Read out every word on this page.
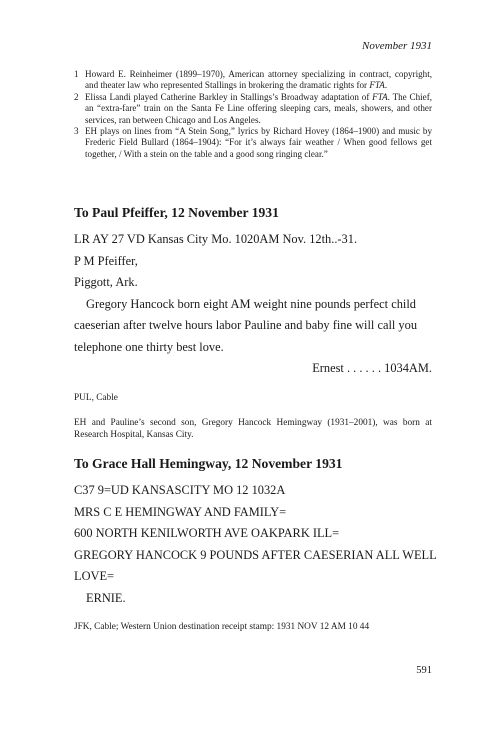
November 1931
1 Howard E. Reinheimer (1899–1970), American attorney specializing in contract, copyright, and theater law who represented Stallings in brokering the dramatic rights for FTA.
2 Elissa Landi played Catherine Barkley in Stallings’s Broadway adaptation of FTA. The Chief, an “extra-fare” train on the Santa Fe Line offering sleeping cars, meals, showers, and other services, ran between Chicago and Los Angeles.
3 EH plays on lines from “A Stein Song,” lyrics by Richard Hovey (1864–1900) and music by Frederic Field Bullard (1864–1904): “For it’s always fair weather / When good fellows get together, / With a stein on the table and a good song ringing clear.”
To Paul Pfeiffer, 12 November 1931
LR AY 27 VD Kansas City Mo. 1020AM Nov. 12th..-31.
P M Pfeiffer,
Piggott, Ark.
Gregory Hancock born eight AM weight nine pounds perfect child
caeserian after twelve hours labor Pauline and baby fine will call you
telephone one thirty best love.
Ernest . . . . . . 1034AM.
PUL, Cable
EH and Pauline’s second son, Gregory Hancock Hemingway (1931–2001), was born at Research Hospital, Kansas City.
To Grace Hall Hemingway, 12 November 1931
C37 9=UD KANSASCITY MO 12 1032A
MRS C E HEMINGWAY AND FAMILY=
600 NORTH KENILWORTH AVE OAKPARK ILL=
GREGORY HANCOCK 9 POUNDS AFTER CAESERIAN ALL WELL
LOVE=
ERNIE.
JFK, Cable; Western Union destination receipt stamp: 1931 NOV 12 AM 10 44
591
